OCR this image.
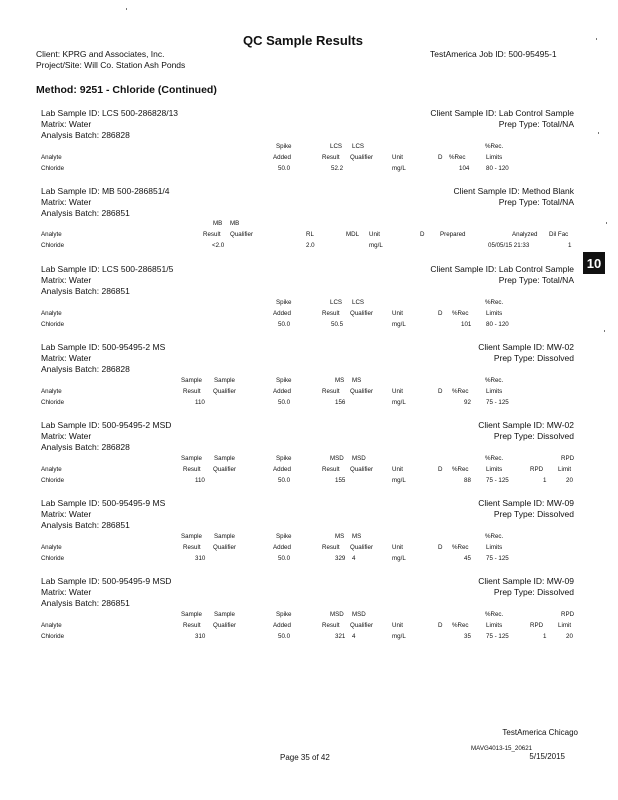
QC Sample Results
Client: KPRG and Associates, Inc.
Project/Site: Will Co. Station Ash Ponds
TestAmerica Job ID: 500-95495-1
Method: 9251 - Chloride (Continued)
10
Lab Sample ID: LCS 500-286828/13
Matrix: Water
Analysis Batch: 286828
Client Sample ID: Lab Control Sample
Prep Type: Total/NA
Spike	LCS LCS	%Rec.
Analyte	Added	Result Qualifier	Unit	D %Rec	Limits
Chloride	50.0	52.2	mg/L	104	80 - 120
Lab Sample ID: MB 500-286851/4
Matrix: Water
Analysis Batch: 286851
Client Sample ID: Method Blank
Prep Type: Total/NA
MB MB
Analyte	Result Qualifier	RL	MDL Unit	D	Prepared	Analyzed Dil Fac
Chloride	<2.0	2.0	mg/L	05/05/15 21:33	1
Lab Sample ID: LCS 500-286851/5
Matrix: Water
Analysis Batch: 286851
Client Sample ID: Lab Control Sample
Prep Type: Total/NA
Spike	LCS LCS	%Rec.
Analyte	Added	Result Qualifier	Unit	D %Rec	Limits
Chloride	50.0	50.5	mg/L	101 80 - 120
Lab Sample ID: 500-95495-2 MS
Matrix: Water
Analysis Batch: 286828
Client Sample ID: MW-02
Prep Type: Dissolved
Sample Sample	Spike	MS MS	%Rec.
Analyte	Result Qualifier	Added	Result Qualifier	Unit	D %Rec	Limits
Chloride	110	50.0	156	mg/L	92 75 - 125
Lab Sample ID: 500-95495-2 MSD
Matrix: Water
Analysis Batch: 286828
Client Sample ID: MW-02
Prep Type: Dissolved
Sample Sample	Spike	MSD MSD	%Rec.	RPD
Analyte	Result Qualifier	Added	Result Qualifier	Unit	D %Rec	Limits	RPD Limit
Chloride	110	50.0	155	mg/L	88 75 - 125	1	20
Lab Sample ID: 500-95495-9 MS
Matrix: Water
Analysis Batch: 286851
Client Sample ID: MW-09
Prep Type: Dissolved
Sample Sample	Spike	MS MS	%Rec.
Analyte	Result Qualifier	Added	Result Qualifier	Unit	D %Rec	Limits
Chloride	310	50.0	329 4	mg/L	45 75 - 125
Lab Sample ID: 500-95495-9 MSD
Matrix: Water
Analysis Batch: 286851
Client Sample ID: MW-09
Prep Type: Dissolved
Sample Sample	Spike	MSD MSD	%Rec.	RPD
Analyte	Result Qualifier	Added	Result Qualifier	Unit	D %Rec	Limits	RPD Limit
Chloride	310	50.0	321 4	mg/L	35 75 - 125	1	20
TestAmerica Chicago
MAVG4013-15_20621
Page 35 of 42	5/15/2015
